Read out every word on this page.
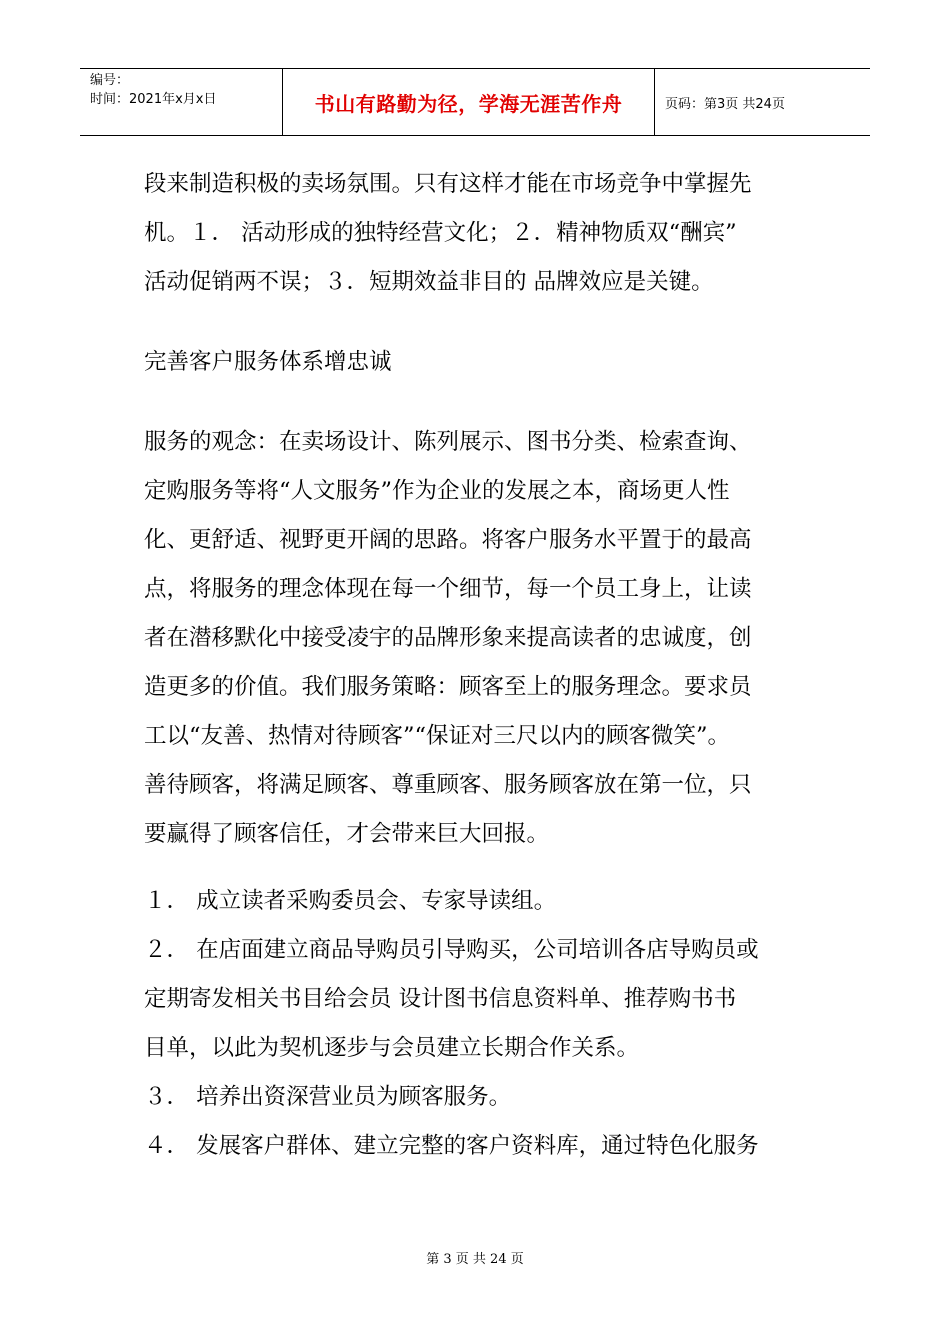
编号：
时间：2021年x月x日	书山有路勤为径，学海无涯苦作舟	页码：第3页 共24页

段来制造积极的卖场氛围。只有这样才能在市场竞争中掌握先
机。１． 活动形成的独特经营文化；２．精神物质双“酬宾”
活动促销两不误；３．短期效益非目的 品牌效应是关键。

完善客户服务体系增忠诚

服务的观念：在卖场设计、陈列展示、图书分类、检索查询、
定购服务等将“人文服务”作为企业的发展之本，商场更人性
化、更舒适、视野更开阔的思路。将客户服务水平置于的最高
点，将服务的理念体现在每一个细节，每一个员工身上，让读
者在潜移默化中接受凌宇的品牌形象来提高读者的忠诚度，创
造更多的价值。我们服务策略：顾客至上的服务理念。要求员
工以“友善、热情对待顾客”“保证对三尺以内的顾客微笑”。
善待顾客，将满足顾客、尊重顾客、服务顾客放在第一位，只
要赢得了顾客信任，才会带来巨大回报。

１． 成立读者采购委员会、专家导读组。

２． 在店面建立商品导购员引导购买，公司培训各店导购员或

定期寄发相关书目给会员 设计图书信息资料单、推荐购书书

目单，以此为契机逐步与会员建立长期合作关系。

３． 培养出资深营业员为顾客服务。

４． 发展客户群体、建立完整的客户资料库，通过特色化服务

第 3 页 共 24 页
